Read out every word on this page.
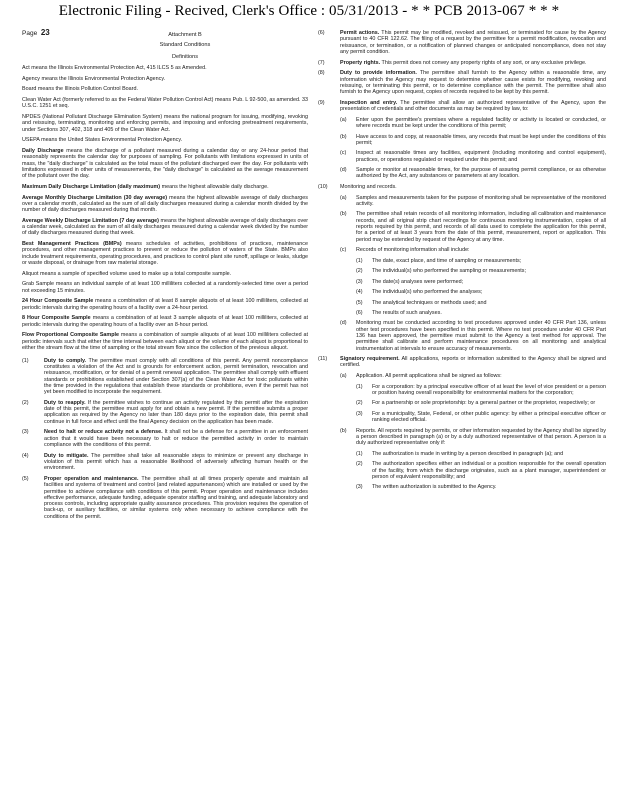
Electronic Filing - Recived, Clerk's Office : 05/31/2013 - * * PCB 2013-067 * * *
Page 23	Attachment B
Standard Conditions
Definitions
Act means the Illinois Environmental Protection Act, 415 ILCS 5 as Amended.
Agency means the Illinois Environmental Protection Agency.
Board means the Illinois Pollution Control Board.
Clean Water Act (formerly referred to as the Federal Water Pollution Control Act) means Pub. L 92-500, as amended. 33 U.S.C. 1251 et seq.
NPDES (National Pollutant Discharge Elimination System) means the national program for issuing, modifying, revoking and reissuing, terminating, monitoring and enforcing permits, and imposing and enforcing pretreatment requirements, under Sections 307, 402, 318 and 405 of the Clean Water Act.
USEPA means the United States Environmental Protection Agency.
Daily Discharge means the discharge of a pollutant measured during a calendar day or any 24-hour period that reasonably represents the calendar day for purposes of sampling. For pollutants with limitations expressed in units of mass, the "daily discharge" is calculated as the total mass of the pollutant discharged over the day. For pollutants with limitations expressed in other units of measurements, the "daily discharge" is calculated as the average measurement of the pollutant over the day.
Maximum Daily Discharge Limitation (daily maximum) means the highest allowable daily discharge.
Average Monthly Discharge Limitation (30 day average) means the highest allowable average of daily discharges over a calendar month, calculated as the sum of all daily discharges measured during a calendar month divided by the number of daily discharges measured during that month.
Average Weekly Discharge Limitation (7 day average) means the highest allowable average of daily discharges over a calendar week, calculated as the sum of all daily discharges measured during a calendar week divided by the number of daily discharges measured during that week.
Best Management Practices (BMPs) means schedules of activities, prohibitions of practices, maintenance procedures, and other management practices to prevent or reduce the pollution of waters of the State. BMPs also include treatment requirements, operating procedures, and practices to control plant site runoff, spillage or leaks, sludge or waste disposal, or drainage from raw material storage.
Aliquot means a sample of specified volume used to make up a total composite sample.
Grab Sample means an individual sample of at least 100 milliliters collected at a randomly-selected time over a period not exceeding 15 minutes.
24 Hour Composite Sample means a combination of at least 8 sample aliquots of at least 100 milliliters, collected at periodic intervals during the operating hours of a facility over a 24-hour period.
8 Hour Composite Sample means a combination of at least 3 sample aliquots of at least 100 milliliters, collected at periodic intervals during the operating hours of a facility over an 8-hour period.
Flow Proportional Composite Sample means a combination of sample aliquots of at least 100 milliliters collected at periodic intervals such that either the time interval between each aliquot or the volume of each aliquot is proportional to either the stream flow at the time of sampling or the total stream flow since the collection of the previous aliquot.
(1)	Duty to comply. The permittee must comply with all conditions of this permit. Any permit noncompliance constitutes a violation of the Act and is grounds for enforcement action, permit termination, revocation and reissuance, modification, or for denial of a permit renewal application. The permittee shall comply with effluent standards or prohibitions established under Section 307(a) of the Clean Water Act for toxic pollutants within the time provided in the regulations that establish these standards or prohibitions, even if the permit has not yet been modified to incorporate the requirement.
(2)	Duty to reapply. If the permittee wishes to continue an activity regulated by this permit after the expiration date of this permit, the permittee must apply for and obtain a new permit. If the permittee submits a proper application as required by the Agency no later than 180 days prior to the expiration date, this permit shall continue in full force and effect until the final Agency decision on the application has been made.
(3)	Need to halt or reduce activity not a defense. It shall not be a defense for a permittee in an enforcement action that it would have been necessary to halt or reduce the permitted activity in order to maintain compliance with the conditions of this permit.
(4)	Duty to mitigate. The permittee shall take all reasonable steps to minimize or prevent any discharge in violation of this permit which has a reasonable likelihood of adversely affecting human health or the environment.
(5)	Proper operation and maintenance. The permittee shall at all times properly operate and maintain all facilities and systems of treatment and control (and related appurtenances) which are installed or used by the permittee to achieve compliance with conditions of this permit. Proper operation and maintenance includes effective performance, adequate funding, adequate operator staffing and training, and adequate laboratory and process controls, including appropriate quality assurance procedures. This provision requires the operation of back-up, or auxiliary facilities, or similar systems only when necessary to achieve compliance with the conditions of the permit.
(6)	Permit actions. This permit may be modified, revoked and reissued, or terminated for cause by the Agency pursuant to 40 CFR 122.62. The filing of a request by the permittee for a permit modification, revocation and reissuance, or termination, or a notification of planned changes or anticipated noncompliance, does not stay any permit condition.
(7)	Property rights. This permit does not convey any property rights of any sort, or any exclusive privilege.
(8)	Duty to provide information. The permittee shall furnish to the Agency within a reasonable time, any information which the Agency may request to determine whether cause exists for modifying, revoking and reissuing, or terminating this permit, or to determine compliance with the permit. The permittee shall also furnish to the Agency upon request, copies of records required to be kept by this permit.
(9)	Inspection and entry. The permittee shall allow an authorized representative of the Agency, upon the presentation of credentials and other documents as may be required by law, to:
(a)	Enter upon the permittee's premises where a regulated facility or activity is located or conducted, or where records must be kept under the conditions of this permit;
(b)	Have access to and copy, at reasonable times, any records that must be kept under the conditions of this permit;
(c)	Inspect at reasonable times any facilities, equipment (including monitoring and control equipment), practices, or operations regulated or required under this permit; and
(d)	Sample or monitor at reasonable times, for the purpose of assuring permit compliance, or as otherwise authorized by the Act, any substances or parameters at any location.
(10)	Monitoring and records.
(a)	Samples and measurements taken for the purpose of monitoring shall be representative of the monitored activity.
(b)	The permittee shall retain records of all monitoring information, including all calibration and maintenance records, and all original strip chart recordings for continuous monitoring instrumentation, copies of all reports required by this permit, and records of all data used to complete the application for this permit, for a period of at least 3 years from the date of this permit, measurement, report or application. This period may be extended by request of the Agency at any time.
(c)	Records of monitoring information shall include:
(1)	The date, exact place, and time of sampling or measurements;
(2)	The individual(s) who performed the sampling or measurements;
(3)	The date(s) analyses were performed;
(4)	The individual(s) who performed the analyses;
(5)	The analytical techniques or methods used; and
(6)	The results of such analyses.
(d)	Monitoring must be conducted according to test procedures approved under 40 CFR Part 136, unless other test procedures have been specified in this permit. Where no test procedure under 40 CFR Part 136 has been approved, the permittee must submit to the Agency a test method for approval. The permittee shall calibrate and perform maintenance procedures on all monitoring and analytical instrumentation at intervals to ensure accuracy of measurements.
(11)	Signatory requirement. All applications, reports or information submitted to the Agency shall be signed and certified.
(a)	Application. All permit applications shall be signed as follows:
(1)	For a corporation: by a principal executive officer of at least the level of vice president or a person or position having overall responsibility for environmental matters for the corporation;
(2)	For a partnership or sole proprietorship: by a general partner or the proprietor, respectively; or
(3)	For a municipality, State, Federal, or other public agency: by either a principal executive officer or ranking elected official.
(b)	Reports. All reports required by permits, or other information requested by the Agency shall be signed by a person described in paragraph (a) or by a duly authorized representative of that person. A person is a duly authorized representative only if:
(1)	The authorization is made in writing by a person described in paragraph (a); and
(2)	The authorization specifies either an individual or a position responsible for the overall operation of the facility, from which the discharge originates, such as a plant manager, superintendent or person of equivalent responsibility; and
(3)	The written authorization is submitted to the Agency.
